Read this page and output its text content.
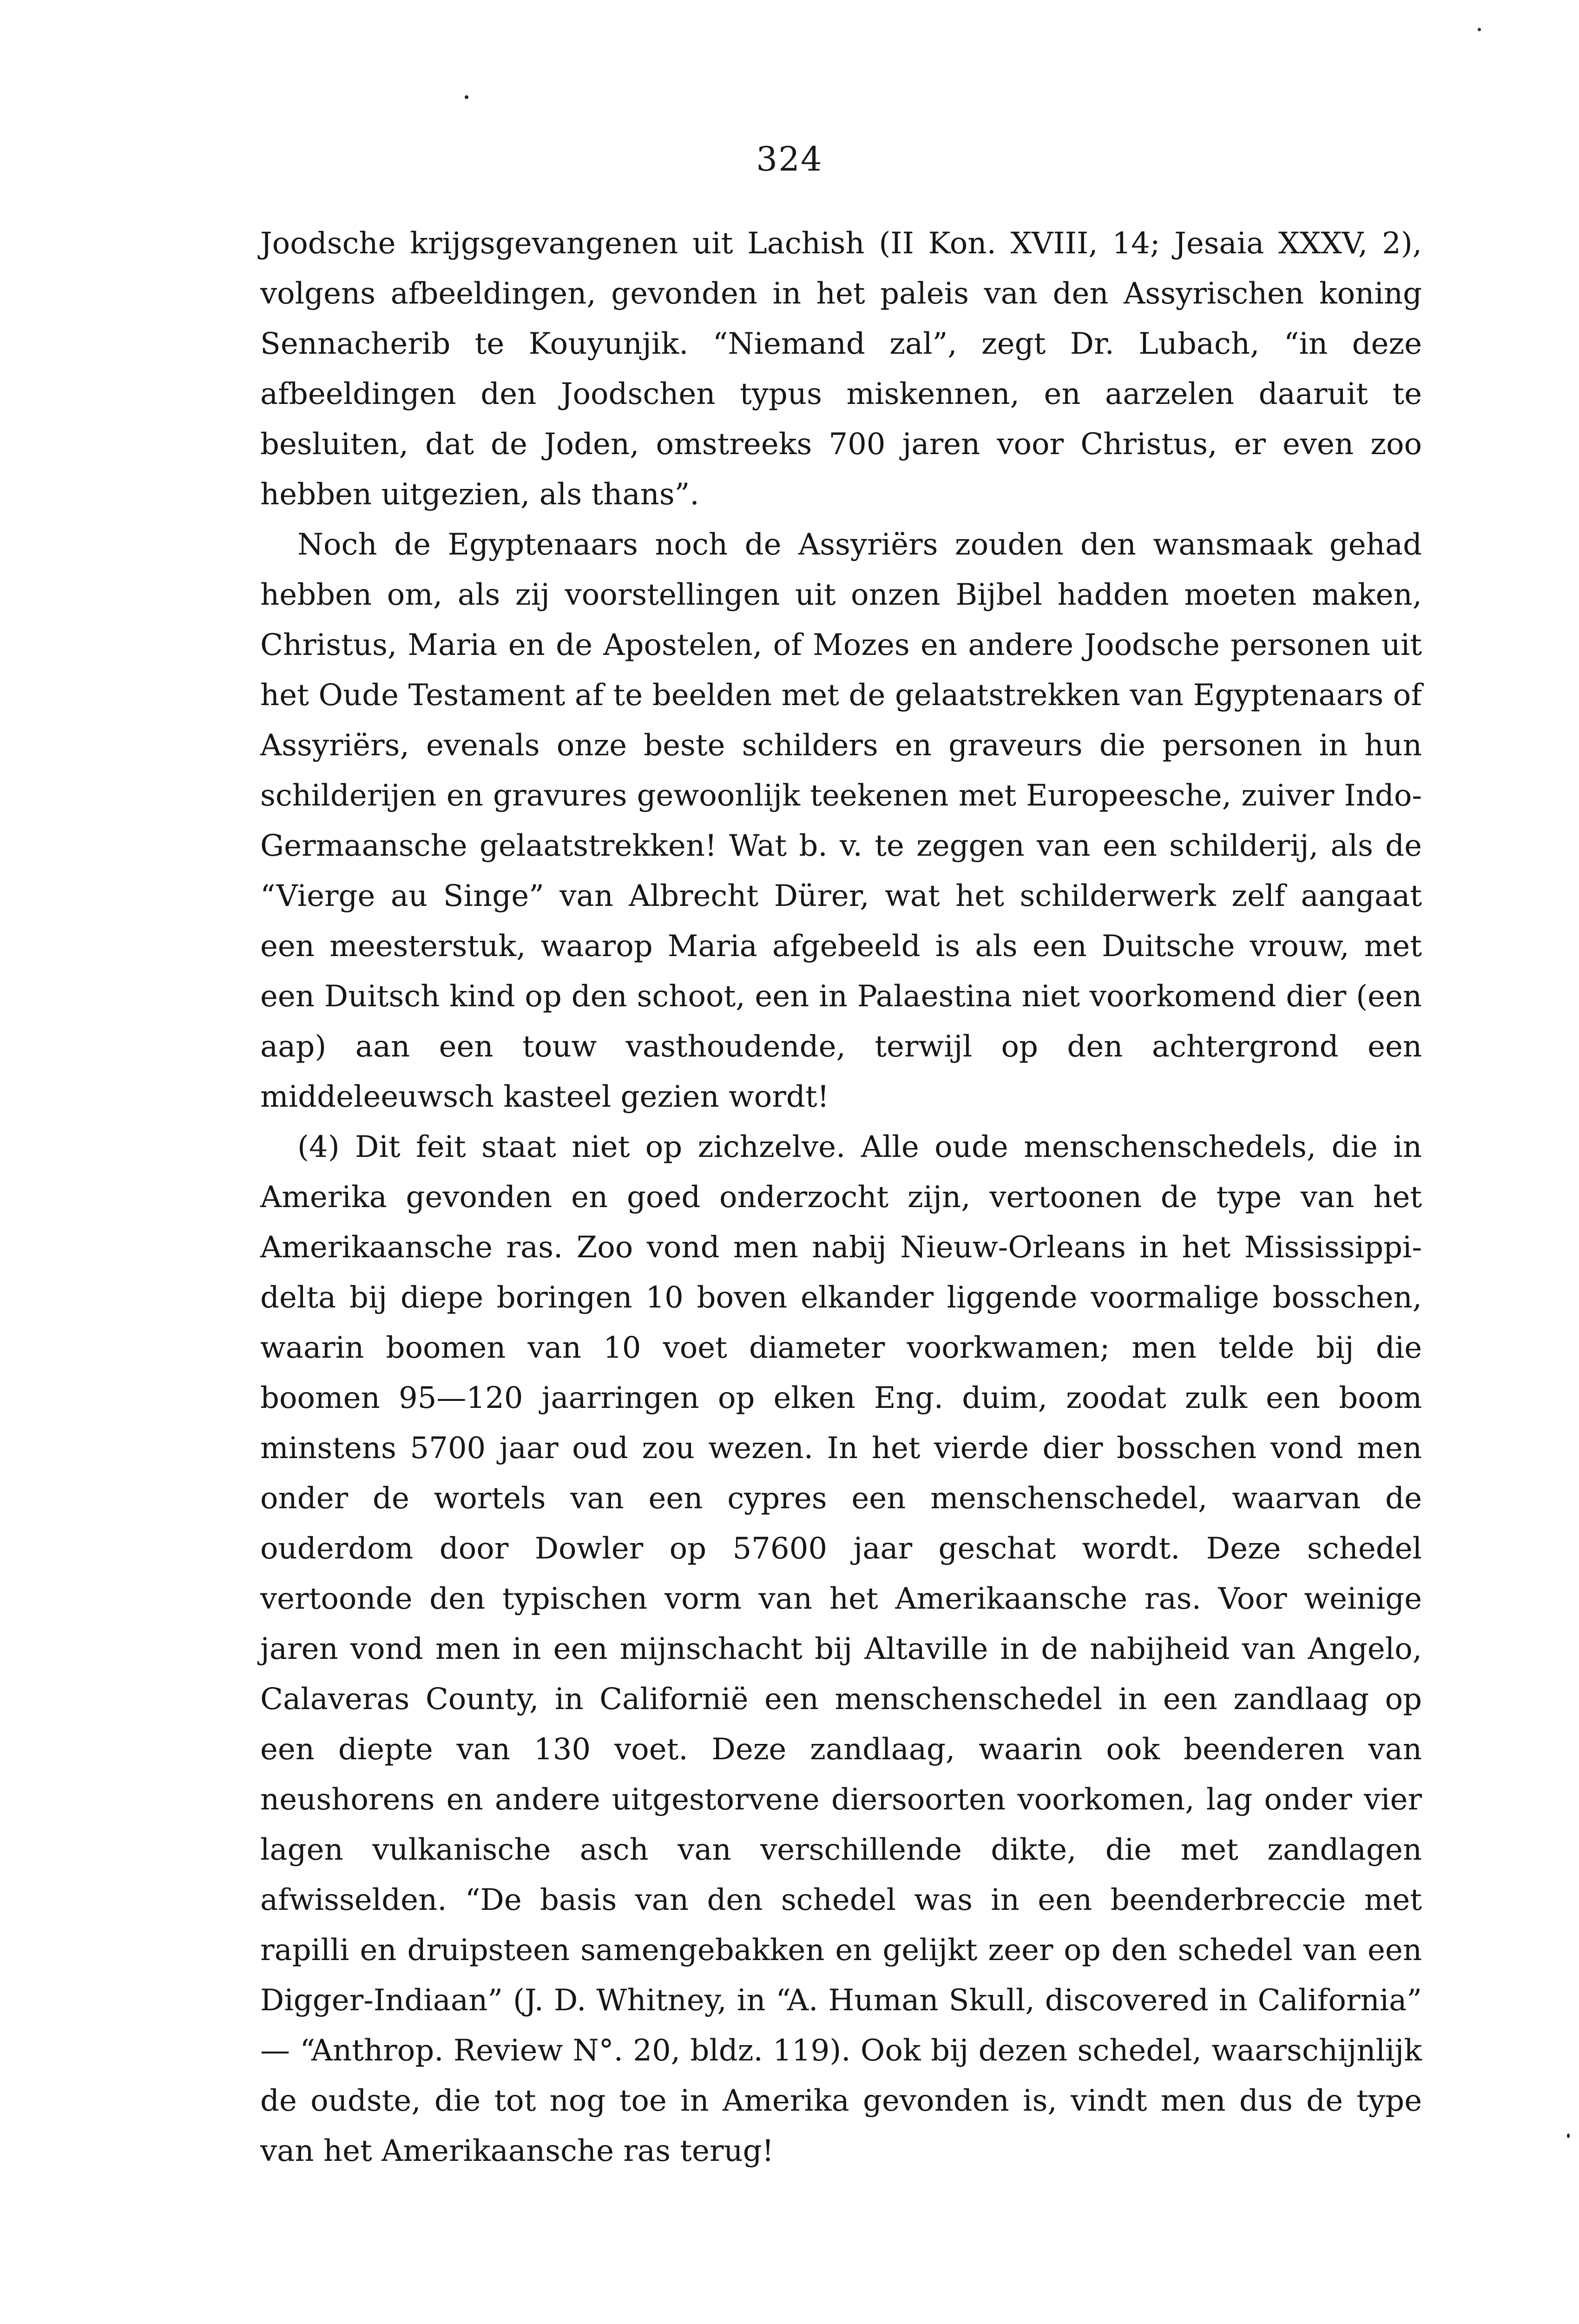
324

Joodsche krijgsgevangenen uit Lachish (II Kon. XVIII, 14; Jesaia XXXV, 2), volgens afbeeldingen, gevonden in het paleis van den Assyrischen koning Sennacherib te Kouyunjik. “Niemand zal”, zegt Dr. Lubach, “in deze afbeeldingen den Joodschen typus miskennen, en aarzelen daaruit te besluiten, dat de Joden, omstreeks 700 jaren voor Christus, er even zoo hebben uitgezien, als thans”.

Noch de Egyptenaars noch de Assyriërs zouden den wansmaak gehad hebben om, als zij voorstellingen uit onzen Bijbel hadden moeten maken, Christus, Maria en de Apostelen, of Mozes en andere Joodsche personen uit het Oude Testament af te beelden met de gelaatstrekken van Egyptenaars of Assyriërs, evenals onze beste schilders en graveurs die personen in hun schilderijen en gravures gewoonlijk teekenen met Europeesche, zuiver Indo-Germaansche gelaatstrekken! Wat b. v. te zeggen van een schilderij, als de “Vierge au Singe” van Albrecht Dürer, wat het schilderwerk zelf aangaat een meesterstuk, waarop Maria afgebeeld is als een Duitsche vrouw, met een Duitsch kind op den schoot, een in Palaestina niet voorkomend dier (een aap) aan een touw vasthoudende, terwijl op den achtergrond een middeleeuwsch kasteel gezien wordt!

(4) Dit feit staat niet op zichzelve. Alle oude menschenschedels, die in Amerika gevonden en goed onderzocht zijn, vertoonen de type van het Amerikaansche ras. Zoo vond men nabij Nieuw-Orleans in het Mississippi-delta bij diepe boringen 10 boven elkander liggende voormalige bosschen, waarin boomen van 10 voet diameter voorkwamen; men telde bij die boomen 95—120 jaarringen op elken Eng. duim, zoodat zulk een boom minstens 5700 jaar oud zou wezen. In het vierde dier bosschen vond men onder de wortels van een cypres een menschenschedel, waarvan de ouderdom door Dowler op 57600 jaar geschat wordt. Deze schedel vertoonde den typischen vorm van het Amerikaansche ras. Voor weinige jaren vond men in een mijnschacht bij Altaville in de nabijheid van Angelo, Calaveras County, in Californië een menschenschedel in een zandlaag op een diepte van 130 voet. Deze zandlaag, waarin ook beenderen van neushorens en andere uitgestorvene diersoorten voorkomen, lag onder vier lagen vulkanische asch van verschillende dikte, die met zandlagen afwisselden. “De basis van den schedel was in een beenderbreccie met rapilli en druipsteen samengebakken en gelijkt zeer op den schedel van een Digger-Indiaan” (J. D. Whitney, in “A. Human Skull, discovered in California” — “Anthrop. Review N°. 20, bldz. 119). Ook bij dezen schedel, waarschijnlijk de oudste, die tot nog toe in Amerika gevonden is, vindt men dus de type van het Amerikaansche ras terug!
